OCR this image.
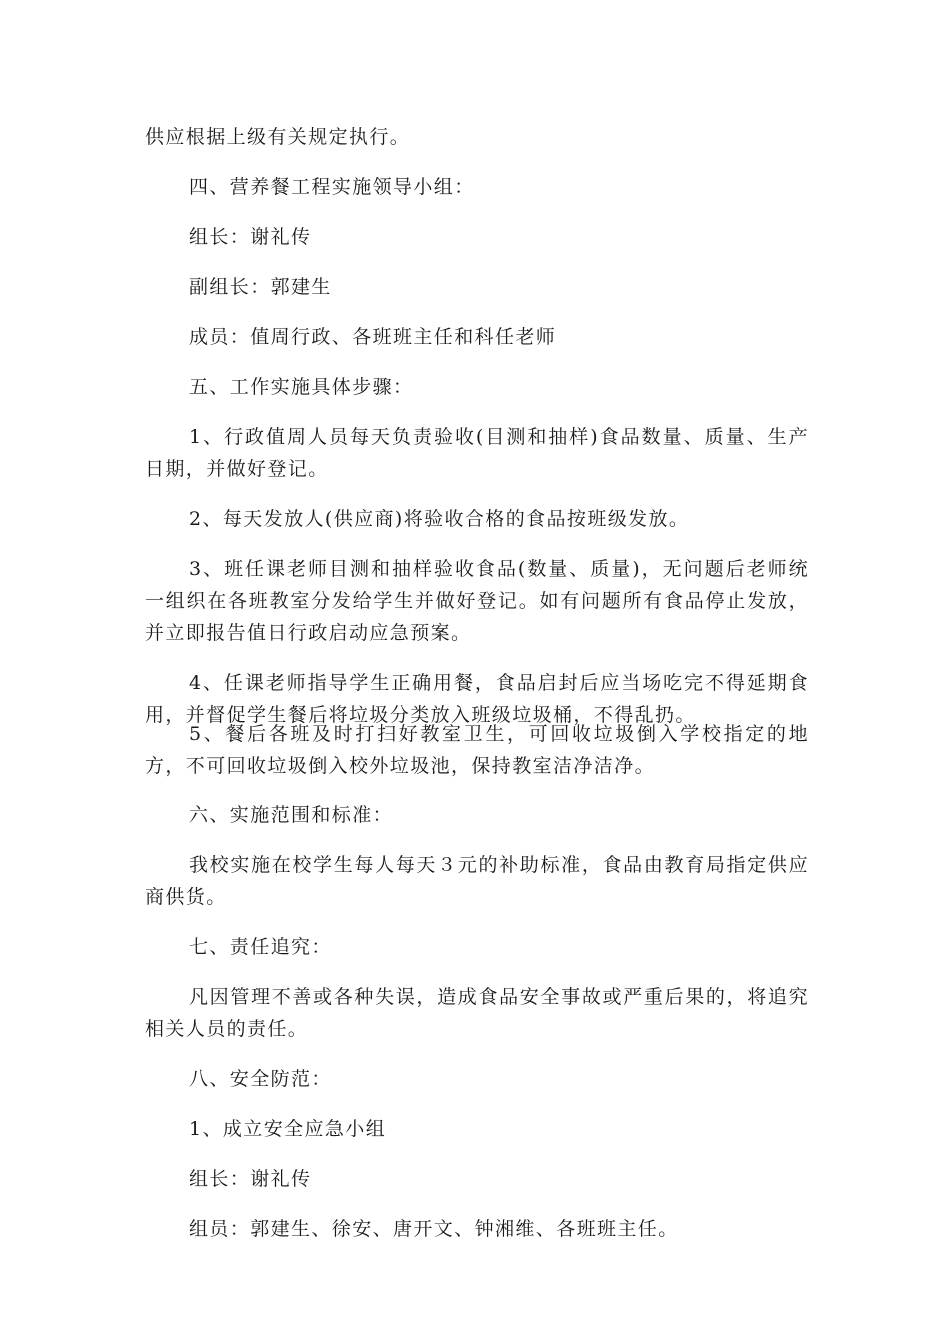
供应根据上级有关规定执行。

四、营养餐工程实施领导小组：

组长：谢礼传

副组长：郭建生

成员：值周行政、各班班主任和科任老师

五、工作实施具体步骤：

1、行政值周人员每天负责验收(目测和抽样)食品数量、质量、生产日期，并做好登记。

2、每天发放人(供应商)将验收合格的食品按班级发放。

3、班任课老师目测和抽样验收食品(数量、质量)，无问题后老师统一组织在各班教室分发给学生并做好登记。如有问题所有食品停止发放，并立即报告值日行政启动应急预案。

4、任课老师指导学生正确用餐，食品启封后应当场吃完不得延期食用，并督促学生餐后将垃圾分类放入班级垃圾桶，不得乱扔。

5、餐后各班及时打扫好教室卫生，可回收垃圾倒入学校指定的地方，不可回收垃圾倒入校外垃圾池，保持教室洁净洁净。

六、实施范围和标准：

我校实施在校学生每人每天３元的补助标准，食品由教育局指定供应商供货。

七、责任追究：

凡因管理不善或各种失误，造成食品安全事故或严重后果的，将追究相关人员的责任。

八、安全防范：

1、成立安全应急小组

组长：谢礼传

组员：郭建生、徐安、唐开文、钟湘维、各班班主任。
